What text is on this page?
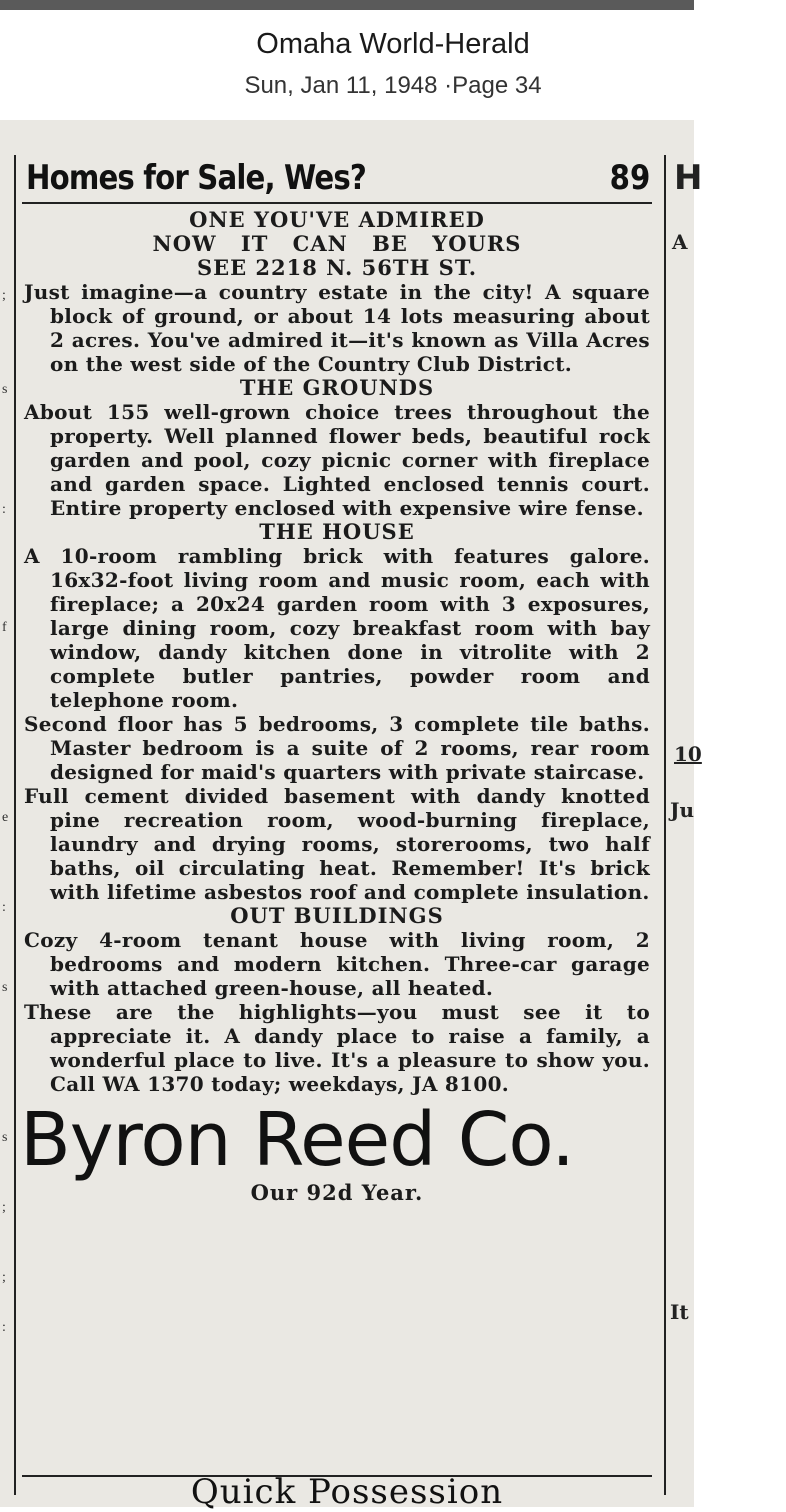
Omaha World-Herald
Sun, Jan 11, 1948 ·Page 34
;
s
:
f
e
:
s
s
;
;
:
H
A
10
Ju
It
Homes for Sale, Wes?	89

ONE YOU'VE ADMIRED

NOW IT CAN BE YOURS

SEE 2218 N. 56TH ST.

Just imagine—a country estate in the city! A square block of ground, or about 14 lots measuring about 2 acres. You've admired it—it's known as Villa Acres on the west side of the Country Club District.

THE GROUNDS

About 155 well-grown choice trees throughout the property. Well planned flower beds, beautiful rock garden and pool, cozy picnic corner with fireplace and garden space. Lighted enclosed tennis court. Entire property enclosed with expensive wire fense.

THE HOUSE

A 10-room rambling brick with features galore. 16x32-foot living room and music room, each with fireplace; a 20x24 garden room with 3 exposures, large dining room, cozy breakfast room with bay window, dandy kitchen done in vitrolite with 2 complete butler pantries, powder room and telephone room.

Second floor has 5 bedrooms, 3 complete tile baths. Master bedroom is a suite of 2 rooms, rear room designed for maid's quarters with private staircase.

Full cement divided basement with dandy knotted pine recreation room, wood-burning fireplace, laundry and drying rooms, storerooms, two half baths, oil circulating heat. Remember! It's brick with lifetime asbestos roof and complete insulation.

OUT BUILDINGS

Cozy 4-room tenant house with living room, 2 bedrooms and modern kitchen. Three-car garage with attached green-house, all heated.

These are the highlights—you must see it to appreciate it. A dandy place to raise a family, a wonderful place to live. It's a pleasure to show you. Call WA 1370 today; weekdays, JA 8100.

Byron Reed Co.

Our 92d Year.

Quick Possession
